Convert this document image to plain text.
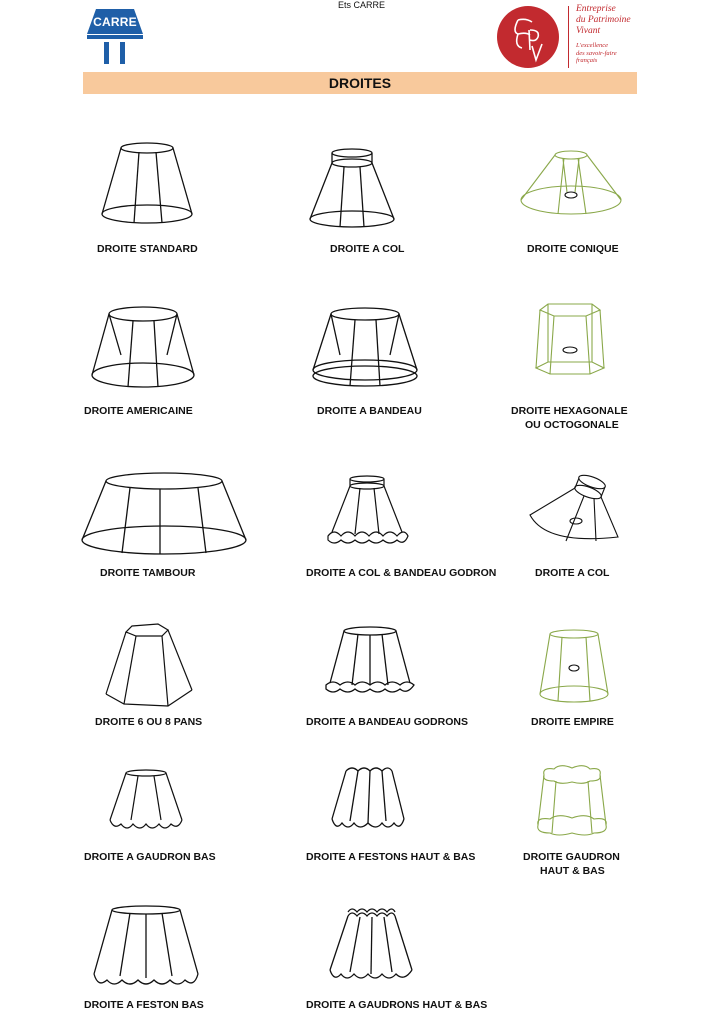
Ets CARRE
CARRE
Entreprise
du Patrimoine
Vivant
L'excellence
des savoir-faire
français
DROITES
DROITE STANDARD	DROITE A COL	DROITE CONIQUE
DROITE AMERICAINE	DROITE A BANDEAU	DROITE HEXAGONALE
OU OCTOGONALE
DROITE TAMBOUR	DROITE A COL & BANDEAU GODRON	DROITE A COL
DROITE 6 OU 8 PANS	DROITE A BANDEAU GODRONS	DROITE EMPIRE
DROITE A GAUDRON BAS	DROITE A FESTONS HAUT & BAS	DROITE GAUDRON
HAUT & BAS
DROITE A FESTON BAS	DROITE A GAUDRONS HAUT & BAS
